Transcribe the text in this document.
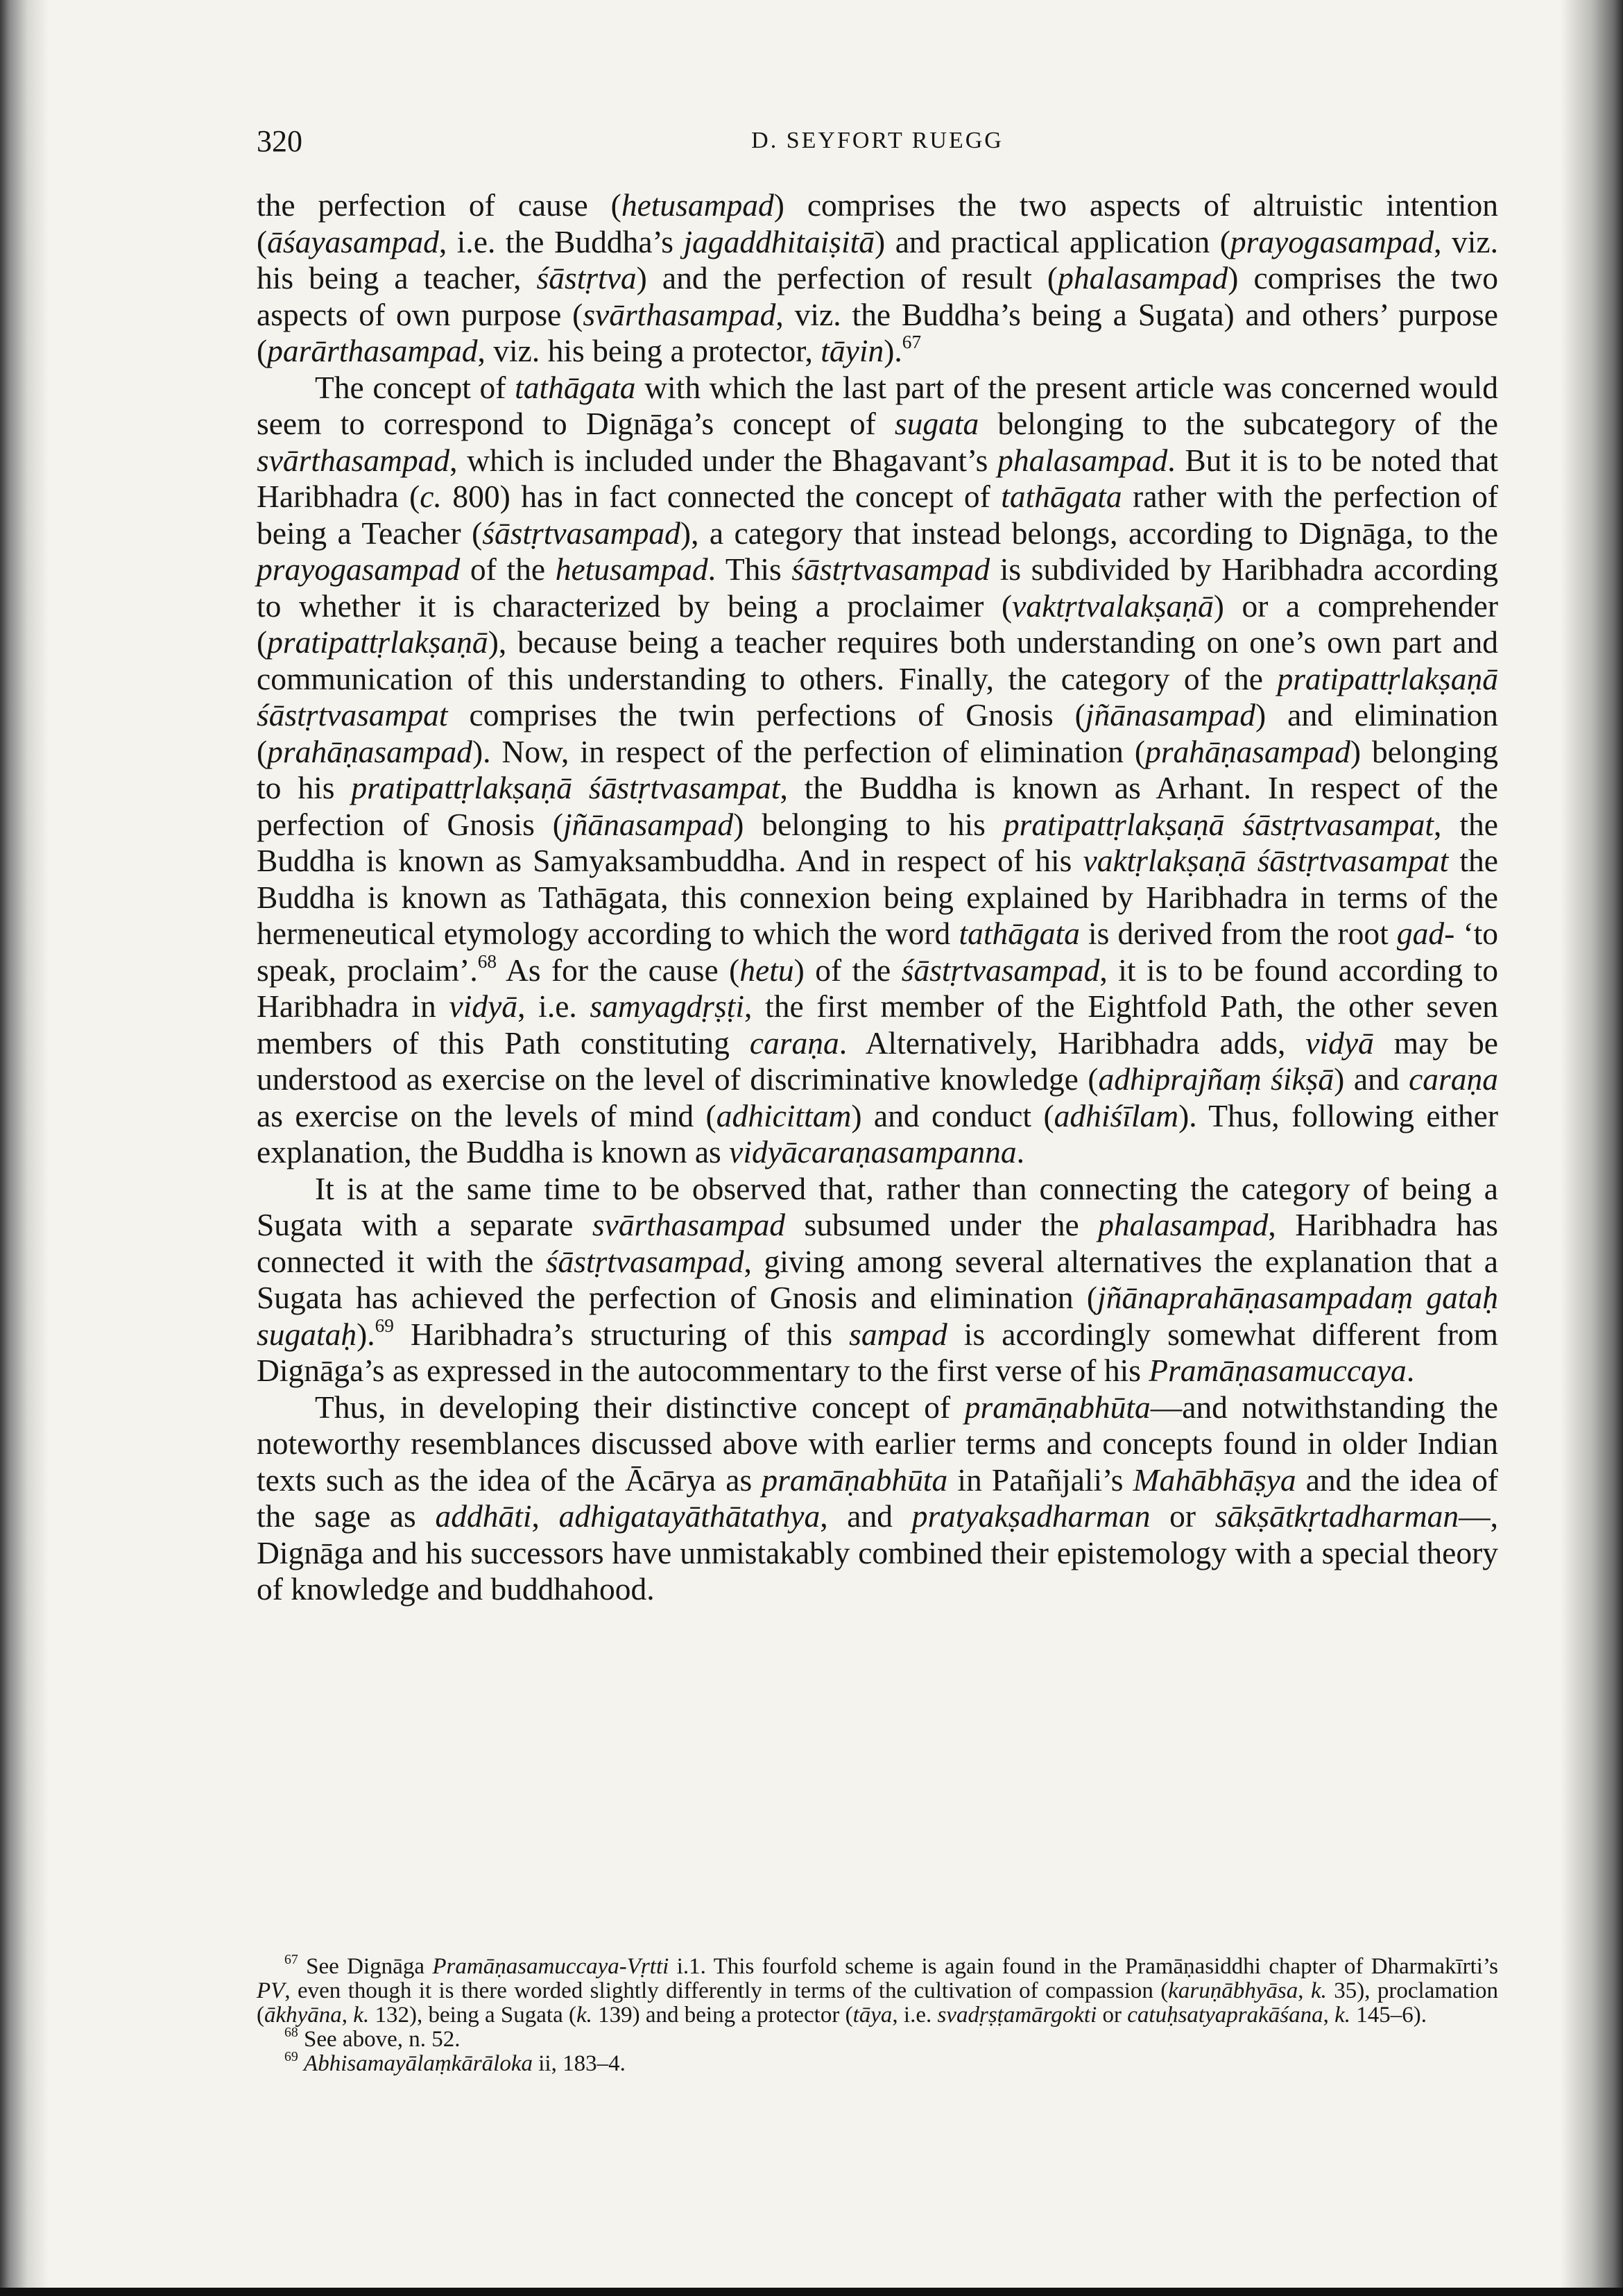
320	D. SEYFORT RUEGG

the perfection of cause (hetusampad) comprises the two aspects of altruistic intention (āśayasampad, i.e. the Buddha’s jagaddhitaiṣitā) and practical application (prayogasampad, viz. his being a teacher, śāstṛtva) and the perfection of result (phalasampad) comprises the two aspects of own purpose (svārthasampad, viz. the Buddha’s being a Sugata) and others’ purpose (parārthasampad, viz. his being a protector, tāyin).$^{67}$

The concept of tathāgata with which the last part of the present article was concerned would seem to correspond to Dignāga’s concept of sugata belonging to the subcategory of the svārthasampad, which is included under the Bhagavant’s phalasampad. But it is to be noted that Haribhadra (c. 800) has in fact connected the concept of tathāgata rather with the perfection of being a Teacher (śāstṛtvasampad), a category that instead belongs, according to Dignāga, to the prayogasampad of the hetusampad. This śāstṛtvasampad is subdivided by Haribhadra according to whether it is characterized by being a proclaimer (vaktṛtvalakṣaṇā) or a comprehender (pratipattṛlakṣaṇā), because being a teacher requires both understanding on one’s own part and communication of this understanding to others. Finally, the category of the pratipattṛlakṣaṇā śāstṛtvasampat comprises the twin perfections of Gnosis (jñānasampad) and elimination (prahāṇasampad). Now, in respect of the perfection of elimination (prahāṇasampad) belonging to his pratipattṛlakṣaṇā śāstṛtvasampat, the Buddha is known as Arhant. In respect of the perfection of Gnosis (jñānasampad) belonging to his pratipattṛlakṣaṇā śāstṛtvasampat, the Buddha is known as Samyaksambuddha. And in respect of his vaktṛlakṣaṇā śāstṛtvasampat the Buddha is known as Tathāgata, this connexion being explained by Haribhadra in terms of the hermeneutical etymology according to which the word tathāgata is derived from the root gad- ‘to speak, proclaim’.$^{68}$ As for the cause (hetu) of the śāstṛtvasampad, it is to be found according to Haribhadra in vidyā, i.e. samyagdṛṣṭi, the first member of the Eightfold Path, the other seven members of this Path constituting caraṇa. Alternatively, Haribhadra adds, vidyā may be understood as exercise on the level of discriminative knowledge (adhiprajñaṃ śikṣā) and caraṇa as exercise on the levels of mind (adhicittam) and conduct (adhiśīlam). Thus, following either explanation, the Buddha is known as vidyācaraṇasampanna.

It is at the same time to be observed that, rather than connecting the category of being a Sugata with a separate svārthasampad subsumed under the phalasampad, Haribhadra has connected it with the śāstṛtvasampad, giving among several alternatives the explanation that a Sugata has achieved the perfection of Gnosis and elimination (jñānaprahāṇasampadaṃ gataḥ sugataḥ).$^{69}$ Haribhadra’s structuring of this sampad is accordingly somewhat different from Dignāga’s as expressed in the autocommentary to the first verse of his Pramāṇasamuccaya.

Thus, in developing their distinctive concept of pramāṇabhūta—and notwithstanding the noteworthy resemblances discussed above with earlier terms and concepts found in older Indian texts such as the idea of the Ācārya as pramāṇabhūta in Patañjali’s Mahābhāṣya and the idea of the sage as addhāti, adhigatayāthātathya, and pratyakṣadharman or sākṣātkṛtadharman—, Dignāga and his successors have unmistakably combined their epistemology with a special theory of knowledge and buddhahood.

$^{67}$ See Dignāga Pramāṇasamuccaya-Vṛtti i.1. This fourfold scheme is again found in the Pramāṇasiddhi chapter of Dharmakīrti’s PV, even though it is there worded slightly differently in terms of the cultivation of compassion (karuṇābhyāsa, k. 35), proclamation (ākhyāna, k. 132), being a Sugata (k. 139) and being a protector (tāya, i.e. svadṛṣṭamārgokti or catuḥsatyaprakāśana, k. 145–6).

$^{68}$ See above, n. 52.

$^{69}$ Abhisamayālaṃkārāloka ii, 183–4.
